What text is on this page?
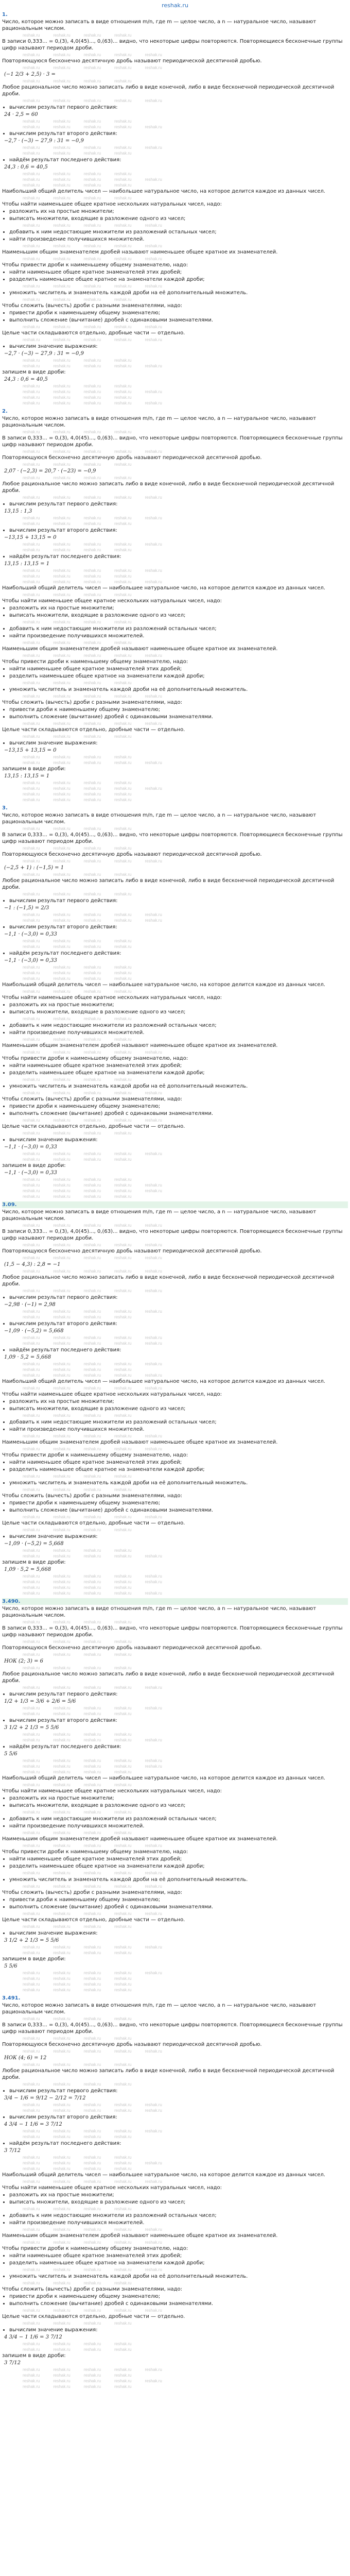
reshak.ru
1.

Число, которое можно записать в виде отношения m/n, где m — целое число, а n — натуральное число, называют рациональным числом.

reshak.ru	reshak.ru	reshak.ru	reshak.ru

В записи 0,333... = 0,(3), 4,0(45)..., 0,(63)... видно, что некоторые цифры повторяются. Повторяющиеся бесконечные группы цифр называют периодом дроби.

reshak.ru	reshak.ru	reshak.ru	reshak.ru	reshak.ru

Повторяющуюся бесконечно десятичную дробь называют периодической десятичной дробью.

reshak.ru	reshak.ru	reshak.ru	reshak.ru	reshak.ru
(−1 2/3 + 2,5) · 3 =
reshak.ru	reshak.ru	reshak.ru	reshak.ru

Любое рациональное число можно записать либо в виде конечной, либо в виде бесконечной периодической десятичной дроби.

reshak.ru	reshak.ru	reshak.ru	reshak.ru	reshak.ru
• вычислим результат первого действия:
24 · 2,5 = 60
reshak.ru	reshak.ru	reshak.ru	reshak.ru
reshak.ru	reshak.ru	reshak.ru	reshak.ru	reshak.ru
• вычислим результат второго действия:
−2,7 · (−3) − 27,9 : 31 = −0,9
reshak.ru	reshak.ru	reshak.ru	reshak.ru	reshak.ru
reshak.ru	reshak.ru	reshak.ru	reshak.ru
• найдём результат последнего действия:
24,3 : 0,6 = 40,5
reshak.ru	reshak.ru	reshak.ru	reshak.ru
reshak.ru	reshak.ru	reshak.ru	reshak.ru	reshak.ru
reshak.ru	reshak.ru	reshak.ru	reshak.ru

Наибольший общий делитель чисел — наибольшее натуральное число, на которое делится каждое из данных чисел.

reshak.ru	reshak.ru	reshak.ru	reshak.ru

Чтобы найти наименьшее общее кратное нескольких натуральных чисел, надо:

• разложить их на простые множители;
• выписать множители, входящие в разложение одного из чисел;
reshak.ru	reshak.ru	reshak.ru	reshak.ru	reshak.ru
• добавить к ним недостающие множители из разложений остальных чисел;
• найти произведение получившихся множителей.
reshak.ru	reshak.ru	reshak.ru	reshak.ru	reshak.ru

Наименьшим общим знаменателем дробей называют наименьшее общее кратное их знаменателей.

reshak.ru	reshak.ru	reshak.ru	reshak.ru	reshak.ru

Чтобы привести дроби к наименьшему общему знаменателю, надо:

• найти наименьшее общее кратное знаменателей этих дробей;
• разделить наименьшее общее кратное на знаменатели каждой дроби;
reshak.ru	reshak.ru	reshak.ru	reshak.ru	reshak.ru
• умножить числитель и знаменатель каждой дроби на её дополнительный множитель.
reshak.ru	reshak.ru	reshak.ru	reshak.ru

Чтобы сложить (вычесть) дроби с разными знаменателями, надо:

• привести дроби к наименьшему общему знаменателю;
• выполнить сложение (вычитание) дробей с одинаковыми знаменателями.
reshak.ru	reshak.ru	reshak.ru	reshak.ru	reshak.ru

Целые части складываются отдельно, дробные части — отдельно.

reshak.ru	reshak.ru	reshak.ru	reshak.ru	reshak.ru
• вычислим значение выражения:
−2,7 · (−3) − 27,9 : 31 = −0,9
reshak.ru	reshak.ru	reshak.ru	reshak.ru
reshak.ru	reshak.ru	reshak.ru	reshak.ru	reshak.ru

запишем в виде дроби:

24,3 : 0,6 = 40,5
reshak.ru	reshak.ru	reshak.ru	reshak.ru
reshak.ru	reshak.ru	reshak.ru	reshak.ru	reshak.ru
reshak.ru	reshak.ru	reshak.ru	reshak.ru
reshak.ru	reshak.ru	reshak.ru	reshak.ru	reshak.ru
2.

Число, которое можно записать в виде отношения m/n, где m — целое число, а n — натуральное число, называют рациональным числом.

reshak.ru	reshak.ru	reshak.ru	reshak.ru

В записи 0,333... = 0,(3), 4,0(45)..., 0,(63)... видно, что некоторые цифры повторяются. Повторяющиеся бесконечные группы цифр называют периодом дроби.

reshak.ru	reshak.ru	reshak.ru	reshak.ru	reshak.ru

Повторяющуюся бесконечно десятичную дробь называют периодической десятичной дробью.

reshak.ru	reshak.ru	reshak.ru	reshak.ru
2,07 · (−2,3) = 20,7 · (−23) = −0,9
reshak.ru	reshak.ru	reshak.ru	reshak.ru

Любое рациональное число можно записать либо в виде конечной, либо в виде бесконечной периодической десятичной дроби.

reshak.ru	reshak.ru	reshak.ru	reshak.ru	reshak.ru
• вычислим результат первого действия:
13,15 : 1,3
reshak.ru	reshak.ru	reshak.ru	reshak.ru	reshak.ru
reshak.ru	reshak.ru	reshak.ru	reshak.ru
• вычислим результат второго действия:
−13,15 + 13,15 = 0
reshak.ru	reshak.ru	reshak.ru	reshak.ru	reshak.ru
reshak.ru	reshak.ru	reshak.ru	reshak.ru
• найдём результат последнего действия:
13,15 : 13,15 = 1
reshak.ru	reshak.ru	reshak.ru	reshak.ru	reshak.ru
reshak.ru	reshak.ru	reshak.ru	reshak.ru
reshak.ru	reshak.ru	reshak.ru	reshak.ru	reshak.ru

Наибольший общий делитель чисел — наибольшее натуральное число, на которое делится каждое из данных чисел.

reshak.ru	reshak.ru	reshak.ru	reshak.ru

Чтобы найти наименьшее общее кратное нескольких натуральных чисел, надо:

• разложить их на простые множители;
• выписать множители, входящие в разложение одного из чисел;
reshak.ru	reshak.ru	reshak.ru	reshak.ru
• добавить к ним недостающие множители из разложений остальных чисел;
• найти произведение получившихся множителей.
reshak.ru	reshak.ru	reshak.ru	reshak.ru

Наименьшим общим знаменателем дробей называют наименьшее общее кратное их знаменателей.

reshak.ru	reshak.ru	reshak.ru	reshak.ru	reshak.ru

Чтобы привести дроби к наименьшему общему знаменателю, надо:

• найти наименьшее общее кратное знаменателей этих дробей;
• разделить наименьшее общее кратное на знаменатели каждой дроби;
reshak.ru	reshak.ru	reshak.ru	reshak.ru
• умножить числитель и знаменатель каждой дроби на её дополнительный множитель.
reshak.ru	reshak.ru	reshak.ru	reshak.ru	reshak.ru

Чтобы сложить (вычесть) дроби с разными знаменателями, надо:

• привести дроби к наименьшему общему знаменателю;
• выполнить сложение (вычитание) дробей с одинаковыми знаменателями.
reshak.ru	reshak.ru	reshak.ru	reshak.ru	reshak.ru

Целые части складываются отдельно, дробные части — отдельно.

reshak.ru	reshak.ru	reshak.ru	reshak.ru
• вычислим значение выражения:
−13,15 + 13,15 = 0
reshak.ru	reshak.ru	reshak.ru	reshak.ru
reshak.ru	reshak.ru	reshak.ru	reshak.ru	reshak.ru

запишем в виде дроби:

13,15 : 13,15 = 1
reshak.ru	reshak.ru	reshak.ru	reshak.ru
reshak.ru	reshak.ru	reshak.ru	reshak.ru	reshak.ru
reshak.ru	reshak.ru	reshak.ru	reshak.ru
reshak.ru	reshak.ru	reshak.ru	reshak.ru
3.

Число, которое можно записать в виде отношения m/n, где m — целое число, а n — натуральное число, называют рациональным числом.

reshak.ru	reshak.ru	reshak.ru	reshak.ru

В записи 0,333... = 0,(3), 4,0(45)..., 0,(63)... видно, что некоторые цифры повторяются. Повторяющиеся бесконечные группы цифр называют периодом дроби.

reshak.ru	reshak.ru	reshak.ru	reshak.ru

Повторяющуюся бесконечно десятичную дробь называют периодической десятичной дробью.

reshak.ru	reshak.ru	reshak.ru	reshak.ru	reshak.ru
(−2,5 + 1) : (−1,5) = 1
reshak.ru	reshak.ru	reshak.ru	reshak.ru

Любое рациональное число можно записать либо в виде конечной, либо в виде бесконечной периодической десятичной дроби.

reshak.ru	reshak.ru	reshak.ru	reshak.ru
• вычислим результат первого действия:
−1 : (−1,5) = 2/3
reshak.ru	reshak.ru	reshak.ru	reshak.ru	reshak.ru
reshak.ru	reshak.ru	reshak.ru	reshak.ru	reshak.ru
• вычислим результат второго действия:
−1,1 · (−3,0) = 0,33
reshak.ru	reshak.ru	reshak.ru	reshak.ru
reshak.ru	reshak.ru	reshak.ru	reshak.ru
• найдём результат последнего действия:
−1,1 · (−3,0) = 0,33
reshak.ru	reshak.ru	reshak.ru	reshak.ru
reshak.ru	reshak.ru	reshak.ru	reshak.ru
reshak.ru	reshak.ru	reshak.ru	reshak.ru

Наибольший общий делитель чисел — наибольшее натуральное число, на которое делится каждое из данных чисел.

reshak.ru	reshak.ru	reshak.ru	reshak.ru

Чтобы найти наименьшее общее кратное нескольких натуральных чисел, надо:

• разложить их на простые множители;
• выписать множители, входящие в разложение одного из чисел;
reshak.ru	reshak.ru	reshak.ru	reshak.ru
• добавить к ним недостающие множители из разложений остальных чисел;
• найти произведение получившихся множителей.
reshak.ru	reshak.ru	reshak.ru	reshak.ru

Наименьшим общим знаменателем дробей называют наименьшее общее кратное их знаменателей.

reshak.ru	reshak.ru	reshak.ru	reshak.ru	reshak.ru

Чтобы привести дроби к наименьшему общему знаменателю, надо:

• найти наименьшее общее кратное знаменателей этих дробей;
• разделить наименьшее общее кратное на знаменатели каждой дроби;
reshak.ru	reshak.ru	reshak.ru	reshak.ru
• умножить числитель и знаменатель каждой дроби на её дополнительный множитель.
reshak.ru	reshak.ru	reshak.ru	reshak.ru	reshak.ru

Чтобы сложить (вычесть) дроби с разными знаменателями, надо:

• привести дроби к наименьшему общему знаменателю;
• выполнить сложение (вычитание) дробей с одинаковыми знаменателями.
reshak.ru	reshak.ru	reshak.ru	reshak.ru	reshak.ru

Целые части складываются отдельно, дробные части — отдельно.

reshak.ru	reshak.ru	reshak.ru	reshak.ru
• вычислим значение выражения:
−1,1 · (−3,0) = 0,33
reshak.ru	reshak.ru	reshak.ru	reshak.ru	reshak.ru
reshak.ru	reshak.ru	reshak.ru	reshak.ru

запишем в виде дроби:

−1,1 · (−3,0) = 0,33
reshak.ru	reshak.ru	reshak.ru	reshak.ru
reshak.ru	reshak.ru	reshak.ru	reshak.ru	reshak.ru
reshak.ru	reshak.ru	reshak.ru	reshak.ru	reshak.ru
reshak.ru	reshak.ru	reshak.ru	reshak.ru
3.09.

Число, которое можно записать в виде отношения m/n, где m — целое число, а n — натуральное число, называют рациональным числом.

reshak.ru	reshak.ru	reshak.ru	reshak.ru	reshak.ru

В записи 0,333... = 0,(3), 4,0(45)..., 0,(63)... видно, что некоторые цифры повторяются. Повторяющиеся бесконечные группы цифр называют периодом дроби.

reshak.ru	reshak.ru	reshak.ru	reshak.ru	reshak.ru

Повторяющуюся бесконечно десятичную дробь называют периодической десятичной дробью.

reshak.ru	reshak.ru	reshak.ru	reshak.ru	reshak.ru
(1,5 − 4,3) : 2,8 = −1
reshak.ru	reshak.ru	reshak.ru	reshak.ru	reshak.ru

Любое рациональное число можно записать либо в виде конечной, либо в виде бесконечной периодической десятичной дроби.

reshak.ru	reshak.ru	reshak.ru	reshak.ru	reshak.ru
• вычислим результат первого действия:
−2,98 · (−1) = 2,98
reshak.ru	reshak.ru	reshak.ru	reshak.ru	reshak.ru
reshak.ru	reshak.ru	reshak.ru	reshak.ru
• вычислим результат второго действия:
−1,09 · (−5,2) = 5,668
reshak.ru	reshak.ru	reshak.ru	reshak.ru	reshak.ru
reshak.ru	reshak.ru	reshak.ru	reshak.ru	reshak.ru
• найдём результат последнего действия:
1,09 · 5,2 = 5,668
reshak.ru	reshak.ru	reshak.ru	reshak.ru	reshak.ru
reshak.ru	reshak.ru	reshak.ru	reshak.ru
reshak.ru	reshak.ru	reshak.ru	reshak.ru	reshak.ru

Наибольший общий делитель чисел — наибольшее натуральное число, на которое делится каждое из данных чисел.

reshak.ru	reshak.ru	reshak.ru	reshak.ru	reshak.ru

Чтобы найти наименьшее общее кратное нескольких натуральных чисел, надо:

• разложить их на простые множители;
• выписать множители, входящие в разложение одного из чисел;
reshak.ru	reshak.ru	reshak.ru	reshak.ru
• добавить к ним недостающие множители из разложений остальных чисел;
• найти произведение получившихся множителей.
reshak.ru	reshak.ru	reshak.ru	reshak.ru	reshak.ru

Наименьшим общим знаменателем дробей называют наименьшее общее кратное их знаменателей.

reshak.ru	reshak.ru	reshak.ru	reshak.ru	reshak.ru

Чтобы привести дроби к наименьшему общему знаменателю, надо:

• найти наименьшее общее кратное знаменателей этих дробей;
• разделить наименьшее общее кратное на знаменатели каждой дроби;
reshak.ru	reshak.ru	reshak.ru	reshak.ru
• умножить числитель и знаменатель каждой дроби на её дополнительный множитель.
reshak.ru	reshak.ru	reshak.ru	reshak.ru

Чтобы сложить (вычесть) дроби с разными знаменателями, надо:

• привести дроби к наименьшему общему знаменателю;
• выполнить сложение (вычитание) дробей с одинаковыми знаменателями.
reshak.ru	reshak.ru	reshak.ru	reshak.ru	reshak.ru

Целые части складываются отдельно, дробные части — отдельно.

reshak.ru	reshak.ru	reshak.ru	reshak.ru
• вычислим значение выражения:
−1,09 · (−5,2) = 5,668
reshak.ru	reshak.ru	reshak.ru	reshak.ru
reshak.ru	reshak.ru	reshak.ru	reshak.ru	reshak.ru

запишем в виде дроби:

1,09 · 5,2 = 5,668
reshak.ru	reshak.ru	reshak.ru	reshak.ru	reshak.ru
reshak.ru	reshak.ru	reshak.ru	reshak.ru	reshak.ru
reshak.ru	reshak.ru	reshak.ru	reshak.ru
reshak.ru	reshak.ru	reshak.ru	reshak.ru	reshak.ru
3.490.

Число, которое можно записать в виде отношения m/n, где m — целое число, а n — натуральное число, называют рациональным числом.

reshak.ru	reshak.ru	reshak.ru	reshak.ru

В записи 0,333... = 0,(3), 4,0(45)..., 0,(63)... видно, что некоторые цифры повторяются. Повторяющиеся бесконечные группы цифр называют периодом дроби.

reshak.ru	reshak.ru	reshak.ru	reshak.ru

Повторяющуюся бесконечно десятичную дробь называют периодической десятичной дробью.

reshak.ru	reshak.ru	reshak.ru	reshak.ru
НОК (2; 3) = 6
reshak.ru	reshak.ru	reshak.ru	reshak.ru

Любое рациональное число можно записать либо в виде конечной, либо в виде бесконечной периодической десятичной дроби.

reshak.ru	reshak.ru	reshak.ru	reshak.ru	reshak.ru
• вычислим результат первого действия:
1/2 + 1/3 = 3/6 + 2/6 = 5/6
reshak.ru	reshak.ru	reshak.ru	reshak.ru	reshak.ru
reshak.ru	reshak.ru	reshak.ru	reshak.ru
• вычислим результат второго действия:
3 1/2 + 2 1/3 = 5 5/6
reshak.ru	reshak.ru	reshak.ru	reshak.ru
reshak.ru	reshak.ru	reshak.ru	reshak.ru	reshak.ru
• найдём результат последнего действия:
5 5/6
reshak.ru	reshak.ru	reshak.ru	reshak.ru	reshak.ru
reshak.ru	reshak.ru	reshak.ru	reshak.ru	reshak.ru
reshak.ru	reshak.ru	reshak.ru	reshak.ru

Наибольший общий делитель чисел — наибольшее натуральное число, на которое делится каждое из данных чисел.

reshak.ru	reshak.ru	reshak.ru	reshak.ru

Чтобы найти наименьшее общее кратное нескольких натуральных чисел, надо:

• разложить их на простые множители;
• выписать множители, входящие в разложение одного из чисел;
reshak.ru	reshak.ru	reshak.ru	reshak.ru
• добавить к ним недостающие множители из разложений остальных чисел;
• найти произведение получившихся множителей.
reshak.ru	reshak.ru	reshak.ru	reshak.ru

Наименьшим общим знаменателем дробей называют наименьшее общее кратное их знаменателей.

reshak.ru	reshak.ru	reshak.ru	reshak.ru	reshak.ru

Чтобы привести дроби к наименьшему общему знаменателю, надо:

• найти наименьшее общее кратное знаменателей этих дробей;
• разделить наименьшее общее кратное на знаменатели каждой дроби;
reshak.ru	reshak.ru	reshak.ru	reshak.ru	reshak.ru
• умножить числитель и знаменатель каждой дроби на её дополнительный множитель.
reshak.ru	reshak.ru	reshak.ru	reshak.ru	reshak.ru

Чтобы сложить (вычесть) дроби с разными знаменателями, надо:

• привести дроби к наименьшему общему знаменателю;
• выполнить сложение (вычитание) дробей с одинаковыми знаменателями.
reshak.ru	reshak.ru	reshak.ru	reshak.ru	reshak.ru

Целые части складываются отдельно, дробные части — отдельно.

reshak.ru	reshak.ru	reshak.ru	reshak.ru
• вычислим значение выражения:
3 1/2 + 2 1/3 = 5 5/6
reshak.ru	reshak.ru	reshak.ru	reshak.ru	reshak.ru
reshak.ru	reshak.ru	reshak.ru	reshak.ru

запишем в виде дроби:

5 5/6
reshak.ru	reshak.ru	reshak.ru	reshak.ru	reshak.ru
reshak.ru	reshak.ru	reshak.ru	reshak.ru
reshak.ru	reshak.ru	reshak.ru	reshak.ru
reshak.ru	reshak.ru	reshak.ru	reshak.ru
3.491.

Число, которое можно записать в виде отношения m/n, где m — целое число, а n — натуральное число, называют рациональным числом.

reshak.ru	reshak.ru	reshak.ru	reshak.ru

В записи 0,333... = 0,(3), 4,0(45)..., 0,(63)... видно, что некоторые цифры повторяются. Повторяющиеся бесконечные группы цифр называют периодом дроби.

reshak.ru	reshak.ru	reshak.ru	reshak.ru

Повторяющуюся бесконечно десятичную дробь называют периодической десятичной дробью.

reshak.ru	reshak.ru	reshak.ru	reshak.ru	reshak.ru
НОК (4; 6) = 12
reshak.ru	reshak.ru	reshak.ru	reshak.ru

Любое рациональное число можно записать либо в виде конечной, либо в виде бесконечной периодической десятичной дроби.

reshak.ru	reshak.ru	reshak.ru	reshak.ru
• вычислим результат первого действия:
3/4 − 1/6 = 9/12 − 2/12 = 7/12
reshak.ru	reshak.ru	reshak.ru	reshak.ru	reshak.ru
reshak.ru	reshak.ru	reshak.ru	reshak.ru	reshak.ru
• вычислим результат второго действия:
4 3/4 − 1 1/6 = 3 7/12
reshak.ru	reshak.ru	reshak.ru	reshak.ru	reshak.ru
reshak.ru	reshak.ru	reshak.ru	reshak.ru
• найдём результат последнего действия:
3 7/12
reshak.ru	reshak.ru	reshak.ru	reshak.ru
reshak.ru	reshak.ru	reshak.ru	reshak.ru	reshak.ru
reshak.ru	reshak.ru	reshak.ru	reshak.ru

Наибольший общий делитель чисел — наибольшее натуральное число, на которое делится каждое из данных чисел.

reshak.ru	reshak.ru	reshak.ru	reshak.ru	reshak.ru

Чтобы найти наименьшее общее кратное нескольких натуральных чисел, надо:

• разложить их на простые множители;
• выписать множители, входящие в разложение одного из чисел;
reshak.ru	reshak.ru	reshak.ru	reshak.ru
• добавить к ним недостающие множители из разложений остальных чисел;
• найти произведение получившихся множителей.
reshak.ru	reshak.ru	reshak.ru	reshak.ru	reshak.ru

Наименьшим общим знаменателем дробей называют наименьшее общее кратное их знаменателей.

reshak.ru	reshak.ru	reshak.ru	reshak.ru	reshak.ru

Чтобы привести дроби к наименьшему общему знаменателю, надо:

• найти наименьшее общее кратное знаменателей этих дробей;
• разделить наименьшее общее кратное на знаменатели каждой дроби;
reshak.ru	reshak.ru	reshak.ru	reshak.ru	reshak.ru
• умножить числитель и знаменатель каждой дроби на её дополнительный множитель.
reshak.ru	reshak.ru	reshak.ru	reshak.ru

Чтобы сложить (вычесть) дроби с разными знаменателями, надо:

• привести дроби к наименьшему общему знаменателю;
• выполнить сложение (вычитание) дробей с одинаковыми знаменателями.
reshak.ru	reshak.ru	reshak.ru	reshak.ru	reshak.ru

Целые части складываются отдельно, дробные части — отдельно.

reshak.ru	reshak.ru	reshak.ru	reshak.ru
• вычислим значение выражения:
4 3/4 − 1 1/6 = 3 7/12
reshak.ru	reshak.ru	reshak.ru	reshak.ru
reshak.ru	reshak.ru	reshak.ru	reshak.ru

запишем в виде дроби:

3 7/12
reshak.ru	reshak.ru	reshak.ru	reshak.ru	reshak.ru
reshak.ru	reshak.ru	reshak.ru	reshak.ru
reshak.ru	reshak.ru	reshak.ru	reshak.ru	reshak.ru
reshak.ru	reshak.ru	reshak.ru	reshak.ru
